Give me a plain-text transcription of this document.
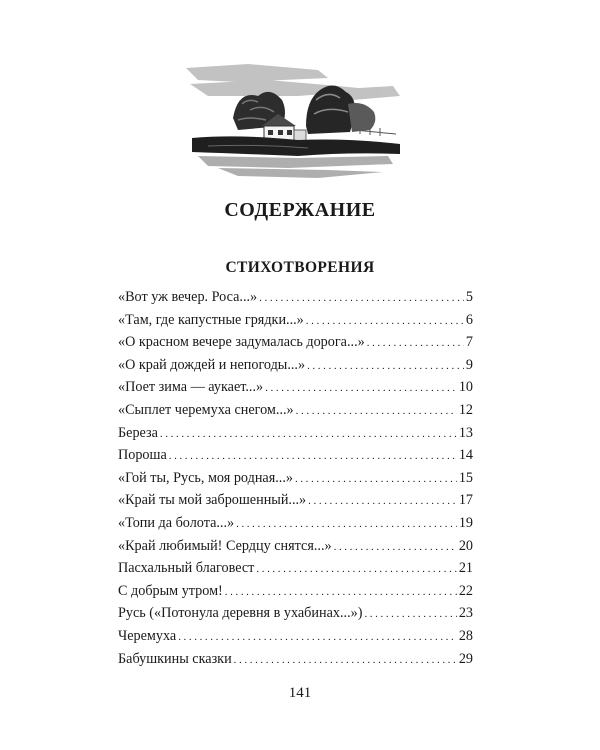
СОДЕРЖАНИЕ
СТИХОТВОРЕНИЯ
«Вот уж вечер. Роса...» .....	5
«Там, где капустные грядки...» .....	6
«О красном вечере задумалась дорога...» .....	7
«О край дождей и непогоды...» .....	9
«Поет зима — аукает...» .....	10
«Сыплет черемуха снегом...» .....	12
Береза .....	13
Пороша .....	14
«Гой ты, Русь, моя родная...» .....	15
«Край ты мой заброшенный...» .....	17
«Топи да болота...» .....	19
«Край любимый! Сердцу снятся...» .....	20
Пасхальный благовест .....	21
С добрым утром! .....	22
Русь («Потонула деревня в ухабинах...») .....	23
Черемуха .....	28
Бабушкины сказки .....	29
141
